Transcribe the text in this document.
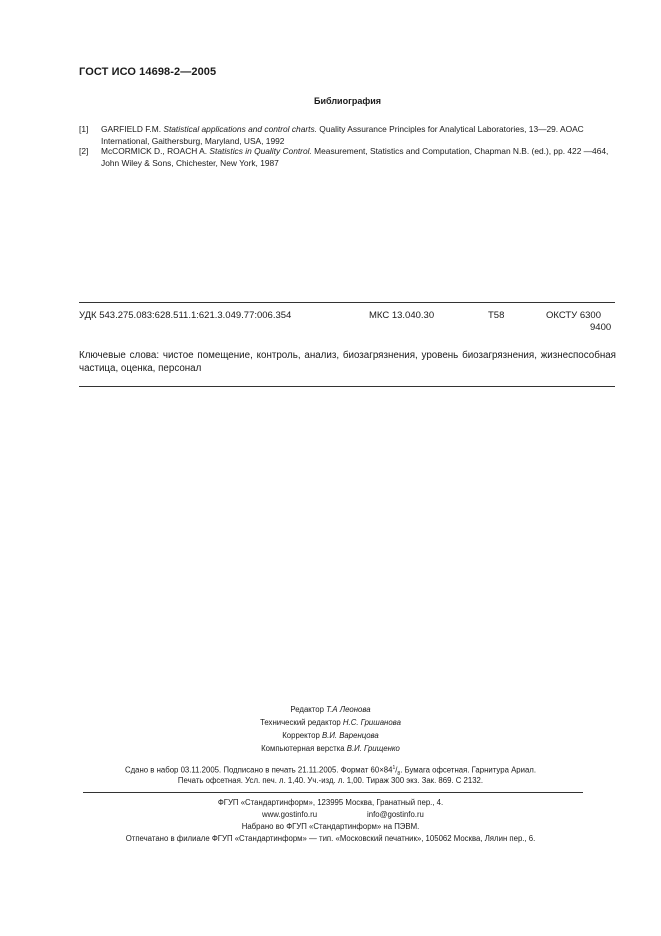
ГОСТ ИСО 14698-2—2005
Библиография
[1]	GARFIELD F.M. Statistical applications and control charts. Quality Assurance Principles for Analytical Laboratories, 13—29. AOAC International, Gaithersburg, Maryland, USA, 1992
[2]	McCORMICK D., ROACH A. Statistics in Quality Control. Measurement, Statistics and Computation, Chapman N.B. (ed.), pp. 422 —464, John Wiley & Sons, Chichester, New York, 1987
УДК 543.275.083:628.511.1:621.3.049.77:006.354	МКС 13.040.30	Т58	ОКСТУ 6300
9400
Ключевые слова: чистое помещение, контроль, анализ, биозагрязнения, уровень биозагрязнения, жизнеспособная частица, оценка, персонал
Редактор Т.А Леонова
Технический редактор Н.С. Гришанова
Корректор В.И. Варенцова
Компьютерная верстка В.И. Грищенко
Сдано в набор 03.11.2005. Подписано в печать 21.11.2005. Формат $60\times 84^1/_8$. Бумага офсетная. Гарнитура Ариал.
Печать офсетная. Усл. печ. л. 1,40. Уч.-изд. л. 1,00. Тираж 300 экз. Зак. 869. С 2132.
ФГУП «Стандартинформ», 123995 Москва, Гранатный пер., 4.
www.gostinfo.ru	info@gostinfo.ru
Набрано во ФГУП «Стандартинформ» на ПЭВМ.
Отпечатано в филиале ФГУП «Стандартинформ» — тип. «Московский печатник», 105062 Москва, Лялин пер., 6.
